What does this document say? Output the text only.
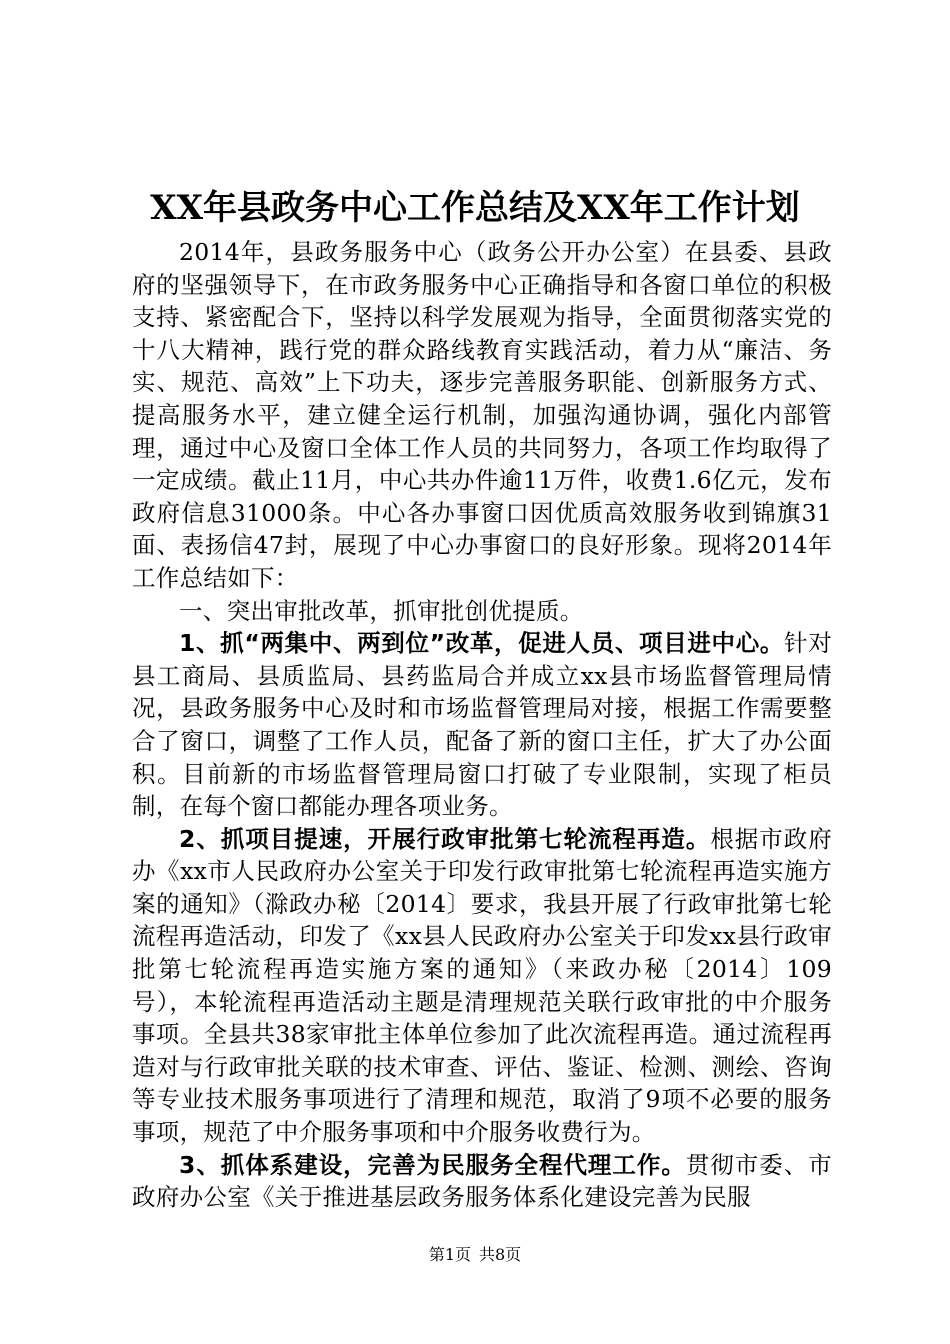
XX年县政务中心工作总结及XX年工作计划

2014年，县政务服务中心（政务公开办公室）在县委、县政府的坚强领导下，在市政务服务中心正确指导和各窗口单位的积极支持、紧密配合下，坚持以科学发展观为指导，全面贯彻落实党的十八大精神，践行党的群众路线教育实践活动，着力从“廉洁、务实、规范、高效”上下功夫，逐步完善服务职能、创新服务方式、提高服务水平，建立健全运行机制，加强沟通协调，强化内部管理，通过中心及窗口全体工作人员的共同努力，各项工作均取得了一定成绩。截止11月，中心共办件逾11万件，收费1.6亿元，发布政府信息31000条。中心各办事窗口因优质高效服务收到锦旗31面、表扬信47封，展现了中心办事窗口的良好形象。现将2014年工作总结如下：

一、突出审批改革，抓审批创优提质。

1、抓“两集中、两到位”改革，促进人员、项目进中心。针对县工商局、县质监局、县药监局合并成立xx县市场监督管理局情况，县政务服务中心及时和市场监督管理局对接，根据工作需要整合了窗口，调整了工作人员，配备了新的窗口主任，扩大了办公面积。目前新的市场监督管理局窗口打破了专业限制，实现了柜员制，在每个窗口都能办理各项业务。

2、抓项目提速，开展行政审批第七轮流程再造。根据市政府办《xx市人民政府办公室关于印发行政审批第七轮流程再造实施方案的通知》（滁政办秘〔2014〕要求，我县开展了行政审批第七轮流程再造活动，印发了《xx县人民政府办公室关于印发xx县行政审批第七轮流程再造实施方案的通知》（来政办秘〔2014〕109号），本轮流程再造活动主题是清理规范关联行政审批的中介服务事项。全县共38家审批主体单位参加了此次流程再造。通过流程再造对与行政审批关联的技术审查、评估、鉴证、检测、测绘、咨询等专业技术服务事项进行了清理和规范，取消了9项不必要的服务事项，规范了中介服务事项和中介服务收费行为。

3、抓体系建设，完善为民服务全程代理工作。贯彻市委、市政府办公室《关于推进基层政务服务体系化建设完善为民服

第1页 共8页
